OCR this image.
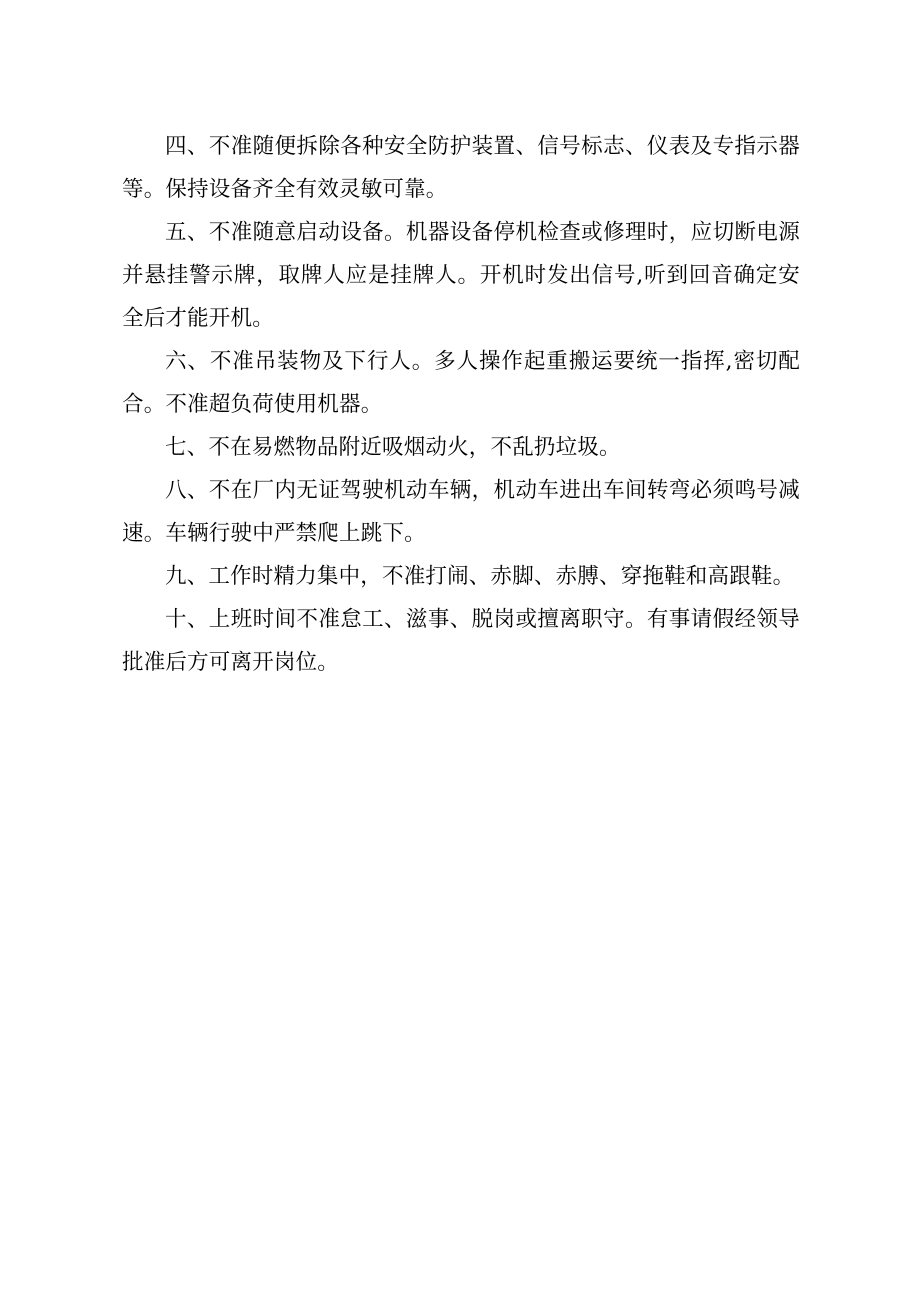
四、不准随便拆除各种安全防护装置、信号标志、仪表及专指示器等。保持设备齐全有效灵敏可靠。

五、不准随意启动设备。机器设备停机检查或修理时，应切断电源并悬挂警示牌，取牌人应是挂牌人。开机时发出信号,听到回音确定安全后才能开机。

六、不准吊装物及下行人。多人操作起重搬运要统一指挥,密切配合。不准超负荷使用机器。

七、不在易燃物品附近吸烟动火，不乱扔垃圾。

八、不在厂内无证驾驶机动车辆，机动车进出车间转弯必须鸣号减速。车辆行驶中严禁爬上跳下。

九、工作时精力集中，不准打闹、赤脚、赤膊、穿拖鞋和高跟鞋。

十、上班时间不准怠工、滋事、脱岗或擅离职守。有事请假经领导批准后方可离开岗位。
